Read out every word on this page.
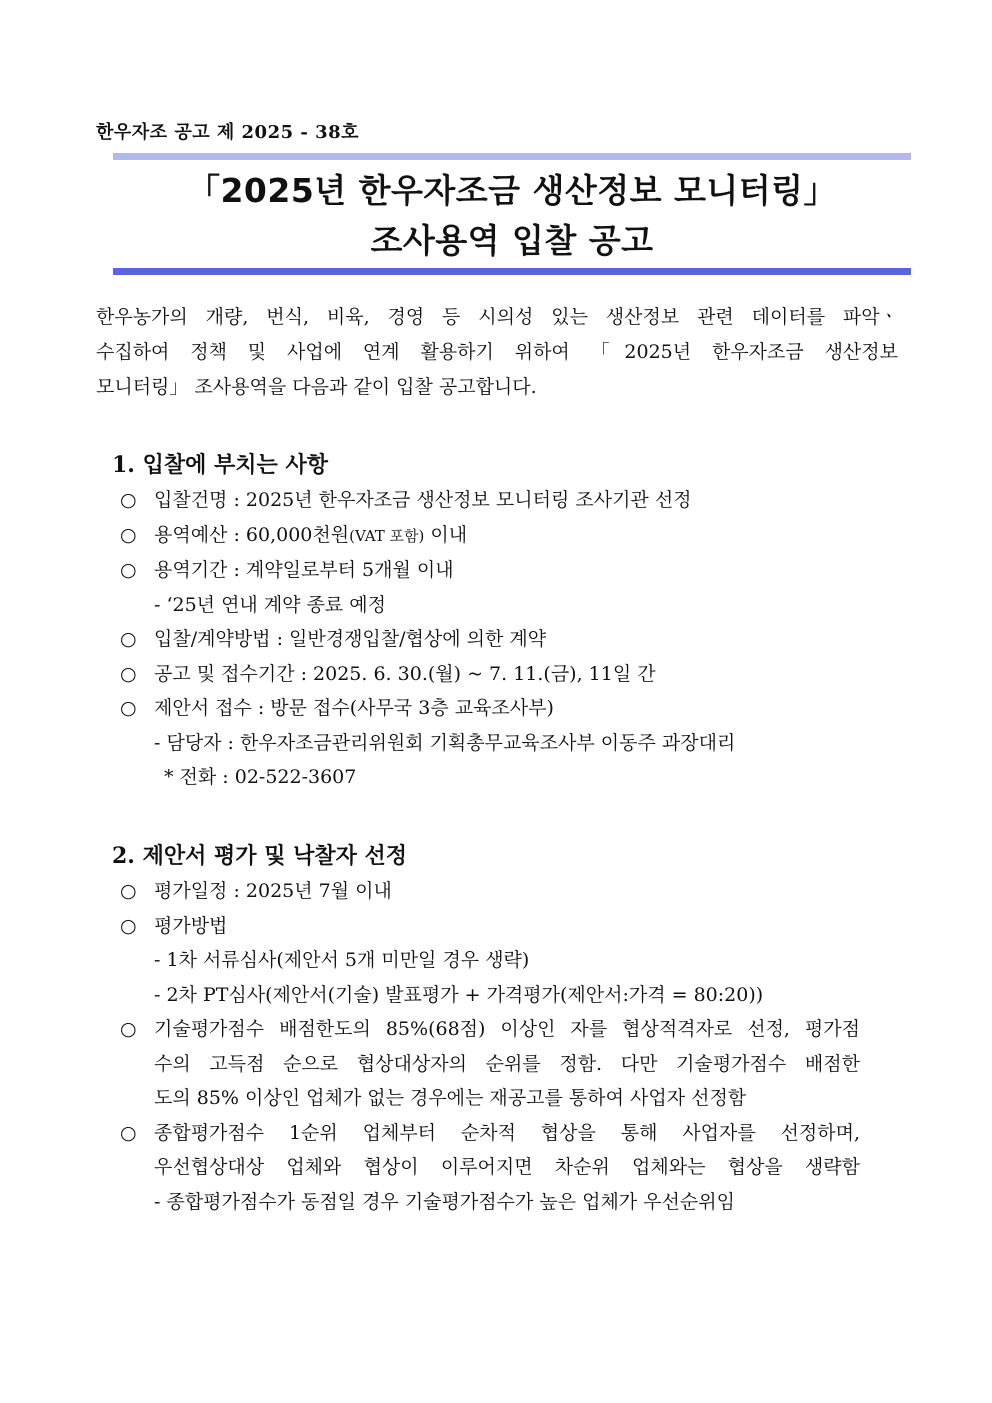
한우자조 공고 제 2025 - 38호
「2025년 한우자조금 생산정보 모니터링」
조사용역 입찰 공고
한우농가의 개량, 번식, 비육, 경영 등 시의성 있는 생산정보 관련 데이터를 파악ㆍ
수집하여 정책 및 사업에 연계 활용하기 위하여 「2025년 한우자조금 생산정보
모니터링」 조사용역을 다음과 같이 입찰 공고합니다.
1. 입찰에 부치는 사항
○ 입찰건명 : 2025년 한우자조금 생산정보 모니터링 조사기관 선정
○ 용역예산 : 60,000천원(VAT 포함) 이내
○ 용역기간 : 계약일로부터 5개월 이내
- ‘25년 연내 계약 종료 예정
○ 입찰/계약방법 : 일반경쟁입찰/협상에 의한 계약
○ 공고 및 접수기간 : 2025. 6. 30.(월) ~ 7. 11.(금), 11일 간
○ 제안서 접수 : 방문 접수(사무국 3층 교육조사부)
- 담당자 : 한우자조금관리위원회 기획총무교육조사부 이동주 과장대리
* 전화 : 02-522-3607
2. 제안서 평가 및 낙찰자 선정
○ 평가일정 : 2025년 7월 이내
○ 평가방법
- 1차 서류심사(제안서 5개 미만일 경우 생략)
- 2차 PT심사(제안서(기술) 발표평가 + 가격평가(제안서:가격 = 80:20))
○ 기술평가점수 배점한도의 85%(68점) 이상인 자를 협상적격자로 선정, 평가점
수의 고득점 순으로 협상대상자의 순위를 정함. 다만 기술평가점수 배점한
도의 85% 이상인 업체가 없는 경우에는 재공고를 통하여 사업자 선정함
○ 종합평가점수 1순위 업체부터 순차적 협상을 통해 사업자를 선정하며,
우선협상대상 업체와 협상이 이루어지면 차순위 업체와는 협상을 생략함
- 종합평가점수가 동점일 경우 기술평가점수가 높은 업체가 우선순위임
